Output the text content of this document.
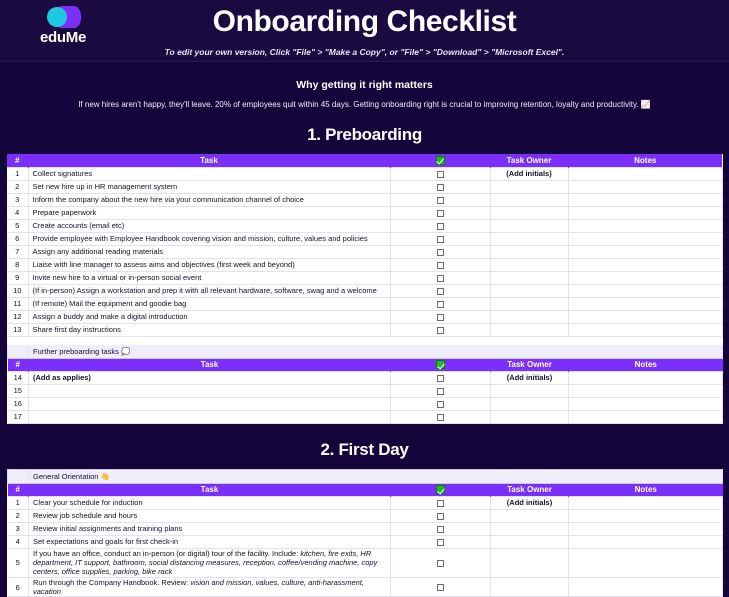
eduMe	Onboarding Checklist
To edit your own version, Click "File" > "Make a Copy", or "File" > "Download" > "Microsoft Excel".
Why getting it right matters
If new hires aren't happy, they'll leave. 20% of employees quit within 45 days. Getting onboarding right is crucial to improving retention, loyalty and productivity. 📈
1. Preboarding
#	Task		Task Owner	Notes
1	Collect signatures		(Add initials)	
2	Set new hire up in HR management system			
3	Inform the company about the new hire via your communication channel of choice			
4	Prepare paperwork			
5	Create accounts (email etc)			
6	Provide employee with Employee Handbook covering vision and mission, culture, values and policies			
7	Assign any additional reading materials			
8	Liaise with line manager to assess aims and objectives (first week and beyond)			
9	Invite new hire to a virtual or in-person social event			
10	(If in-person) Assign a workstation and prep it with all relevant hardware, software, swag and a welcome			
11	(If remote) Mail the equipment and goodie bag			
12	Assign a buddy and make a digital introduction			
13	Share first day instructions			

	Further preboarding tasks 💭			
#	Task		Task Owner	Notes
14	(Add as applies)		(Add initials)	
15				
16				
17				
2. First Day
	General Orientation 👋			
#	Task		Task Owner	Notes
1	Clear your schedule for induction		(Add initials)	
2	Review job schedule and hours			
3	Review initial assignments and training plans			
4	Set expectations and goals for first check-in			
5	If you have an office, conduct an in-person (or digital) tour of the facility. Include: kitchen, fire exits, HR department, IT support, bathroom, social distancing measures, reception, coffee/vending machine, copy centers, office supplies, parking, bike rack			
6	Run through the Company Handbook. Review: vision and mission, values, culture, anti-harassment, vacation			
